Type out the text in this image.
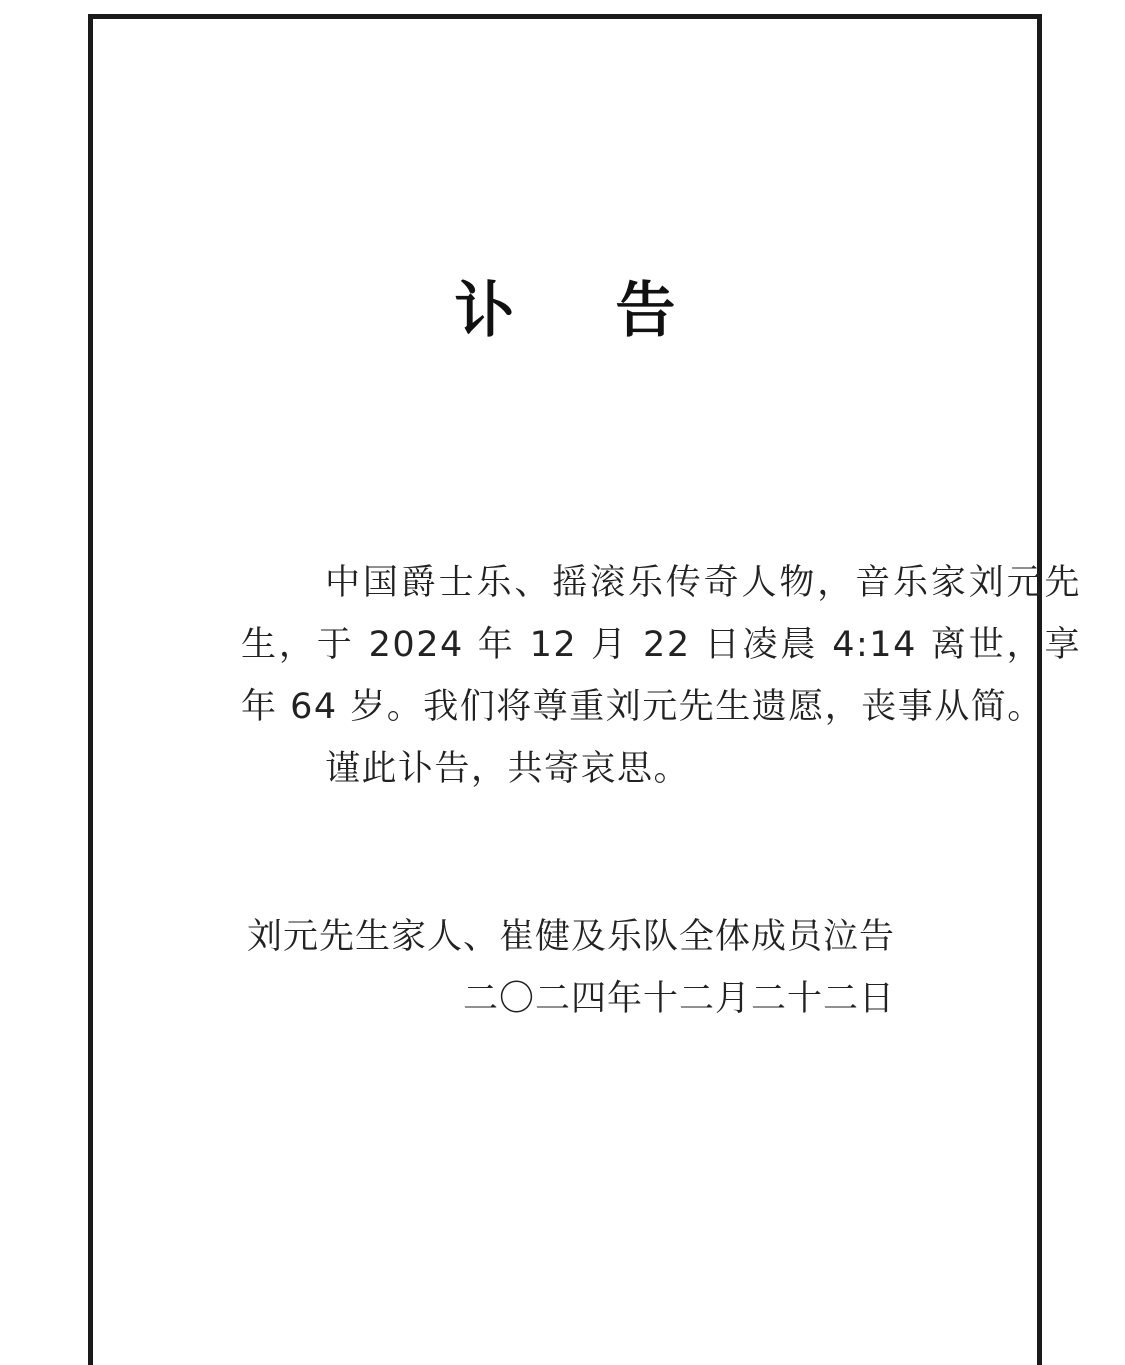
讣 告
中国爵士乐、摇滚乐传奇人物，音乐家刘元先生，于 2024 年 12 月 22 日凌晨 4:14 离世，享年 64 岁。我们将尊重刘元先生遗愿，丧事从简。
谨此讣告，共寄哀思。
刘元先生家人、崔健及乐队全体成员泣告
二〇二四年十二月二十二日
